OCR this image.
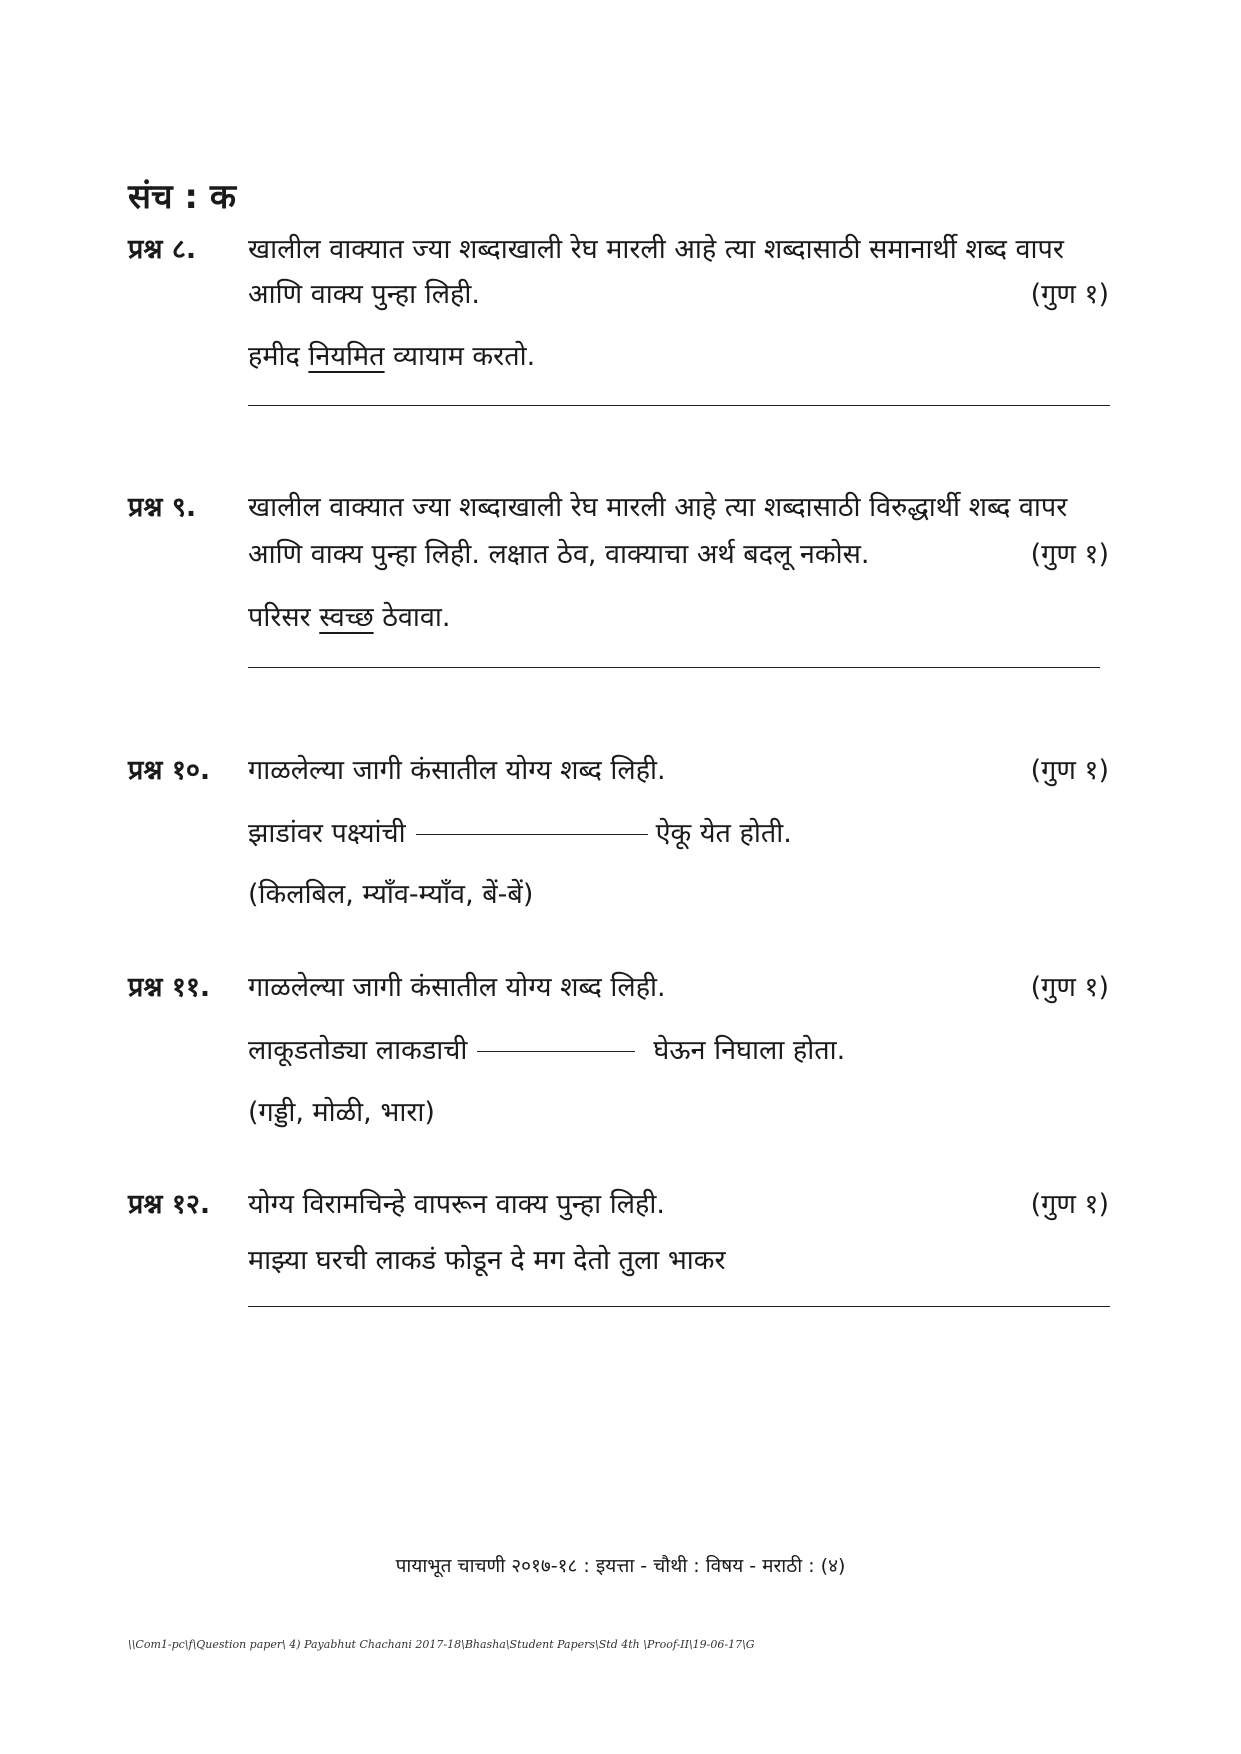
संच : क
प्रश्न ८. खालील वाक्यात ज्या शब्दाखाली रेघ मारली आहे त्या शब्दासाठी समानार्थी शब्द वापर
आणि वाक्य पुन्हा लिही.	(गुण १)
हमीद नियमित व्यायाम करतो.
प्रश्न ९. खालील वाक्यात ज्या शब्दाखाली रेघ मारली आहे त्या शब्दासाठी विरुद्धार्थी शब्द वापर
आणि वाक्य पुन्हा लिही. लक्षात ठेव, वाक्याचा अर्थ बदलू नकोस.	(गुण १)
परिसर स्वच्छ ठेवावा.
प्रश्न १०. गाळलेल्या जागी कंसातील योग्य शब्द लिही.	(गुण १)
झाडांवर पक्ष्यांची	ऐकू येत होती.
(किलबिल, म्याँव-म्याँव, बें-बें)
प्रश्न ११. गाळलेल्या जागी कंसातील योग्य शब्द लिही.	(गुण १)
लाकूडतोड्या लाकडाची	घेऊन निघाला होता.
(गड्डी, मोळी, भारा)
प्रश्न १२. योग्य विरामचिन्हे वापरून वाक्य पुन्हा लिही.	(गुण १)
माझ्या घरची लाकडं फोडून दे मग देतो तुला भाकर
पायाभूत चाचणी २०१७-१८ : इयत्ता - चौथी : विषय - मराठी : (४)
\\Com1-pc\f\Question paper\ 4) Payabhut Chachani 2017-18\Bhasha\Student Papers\Std 4th \Proof-II\19-06-17\G
